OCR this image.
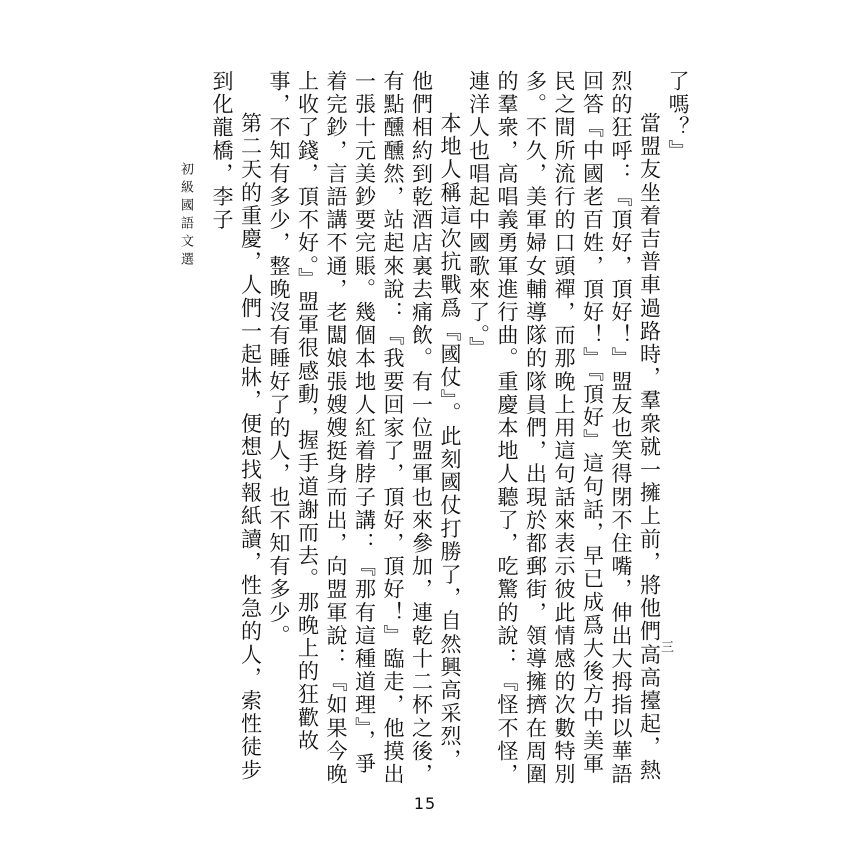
了嗎？』

當盟友坐着吉普車過路時，羣衆就一擁上前，將他們高高擡起，熱烈的狂呼：『頂好，頂好！』盟友也笑得閉不住嘴，伸出大拇指以華語回答『中國老百姓，頂好！』『頂好』這句話，早已成爲大後方中美軍民之間所流行的口頭禪，而那晚上用這句話來表示彼此情感的次數特別多。不久，美軍婦女輔導隊的隊員們，出現於都郵街，領導擁擠在周圍的羣衆，高唱義勇軍進行曲。重慶本地人聽了，吃驚的說：『怪不怪，連洋人也唱起中國歌來了。』

本地人稱這次抗戰爲『國仗』。此刻國仗打勝了，自然興高采烈，他們相約到乾酒店裏去痛飲。有一位盟軍也來參加，連乾十二杯之後，有點醺醺然，站起來說：『我要回家了，頂好，頂好！』臨走，他摸出一張十元美鈔要完賬。幾個本地人紅着脖子講：『那有這種道理』，爭着完鈔，言語講不通，老闆娘張嫂嫂挺身而出，向盟軍說：『如果今晚上收了錢，頂不好。』盟軍很感動，握手道謝而去。那晚上的狂歡故事，不知有多少，整晚沒有睡好了的人，也不知有多少。

第二天的重慶，人們一起牀，便想找報紙讀，性急的人，索性徒步到化龍橋，李子

初級國語文選
三
15
